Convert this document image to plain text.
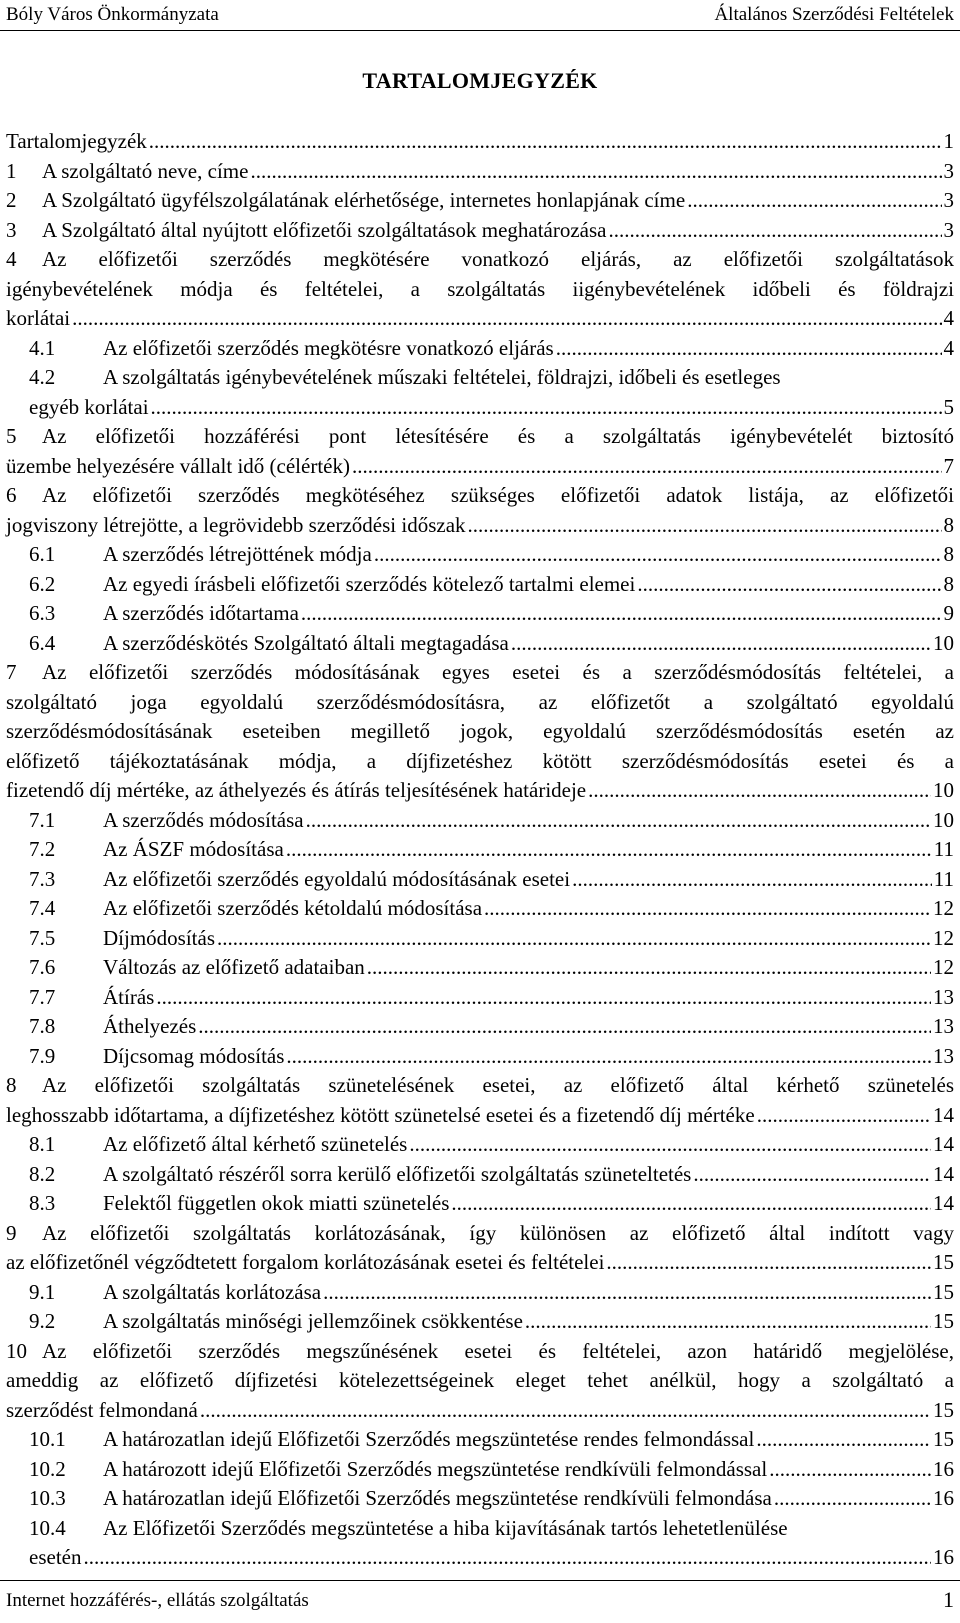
Bóly Város Önkormányzata	Általános Szerződési Feltételek
TARTALOMJEGYZÉK
Tartalomjegyzék .....	1
1 A szolgáltató neve, címe .....	3
2 A Szolgáltató ügyfélszolgálatának elérhetősége, internetes honlapjának címe .....	3
3 A Szolgáltató által nyújtott előfizetői szolgáltatások meghatározása .....	3
4 Az előfizetői szerződés megkötésére vonatkozó eljárás, az előfizetői szolgáltatások
igénybevételének módja és feltételei, a szolgáltatás iigénybevételének időbeli és földrajzi
korlátai .....	4
4.1 Az előfizetői szerződés megkötésre vonatkozó eljárás .....	4
4.2 A szolgáltatás igénybevételének műszaki feltételei, földrajzi, időbeli és esetleges
egyéb korlátai .....	5
5 Az előfizetői hozzáférési pont létesítésére és a szolgáltatás igénybevételét biztosító
üzembe helyezésére vállalt idő (célérték) .....	7
6 Az előfizetői szerződés megkötéséhez szükséges előfizetői adatok listája, az előfizetői
jogviszony létrejötte, a legrövidebb szerződési időszak .....	8
6.1 A szerződés létrejöttének módja .....	8
6.2 Az egyedi írásbeli előfizetői szerződés kötelező tartalmi elemei .....	8
6.3 A szerződés időtartama .....	9
6.4 A szerződéskötés Szolgáltató általi megtagadása .....	10
7 Az előfizetői szerződés módosításának egyes esetei és a szerződésmódosítás feltételei, a
szolgáltató joga egyoldalú szerződésmódosításra, az előfizetőt a szolgáltató egyoldalú
szerződésmódosításának eseteiben megillető jogok, egyoldalú szerződésmódosítás esetén az
előfizető tájékoztatásának módja, a díjfizetéshez kötött szerződésmódosítás esetei és a
fizetendő díj mértéke, az áthelyezés és átírás teljesítésének határideje .....	10
7.1 A szerződés módosítása .....	10
7.2 Az ÁSZF módosítása .....	11
7.3 Az előfizetői szerződés egyoldalú módosításának esetei .....	11
7.4 Az előfizetői szerződés kétoldalú módosítása .....	12
7.5 Díjmódosítás .....	12
7.6 Változás az előfizető adataiban .....	12
7.7 Átírás .....	13
7.8 Áthelyezés .....	13
7.9 Díjcsomag módosítás .....	13
8 Az előfizetői szolgáltatás szünetelésének esetei, az előfizető által kérhető szünetelés
leghosszabb időtartama, a díjfizetéshez kötött szünetelsé esetei és a fizetendő díj mértéke .....	14
8.1 Az előfizető által kérhető szünetelés .....	14
8.2 A szolgáltató részéről sorra kerülő előfizetői szolgáltatás szüneteltetés .....	14
8.3 Felektől független okok miatti szünetelés .....	14
9 Az előfizetői szolgáltatás korlátozásának, így különösen az előfizető által indított vagy
az előfizetőnél végződtetett forgalom korlátozásának esetei és feltételei .....	15
9.1 A szolgáltatás korlátozása .....	15
9.2 A szolgáltatás minőségi jellemzőinek csökkentése .....	15
10 Az előfizetői szerződés megszűnésének esetei és feltételei, azon határidő megjelölése,
ameddig az előfizető díjfizetési kötelezettségeinek eleget tehet anélkül, hogy a szolgáltató a
szerződést felmondaná .....	15
10.1 A határozatlan idejű Előfizetői Szerződés megszüntetése rendes felmondással .....	15
10.2 A határozott idejű Előfizetői Szerződés megszüntetése rendkívüli felmondással .....	16
10.3 A határozatlan idejű Előfizetői Szerződés megszüntetése rendkívüli felmondása .....	16
10.4 Az Előfizetői Szerződés megszüntetése a hiba kijavításának tartós lehetetlenülése
esetén .....	16
Internet hozzáférés-, ellátás szolgáltatás	1
